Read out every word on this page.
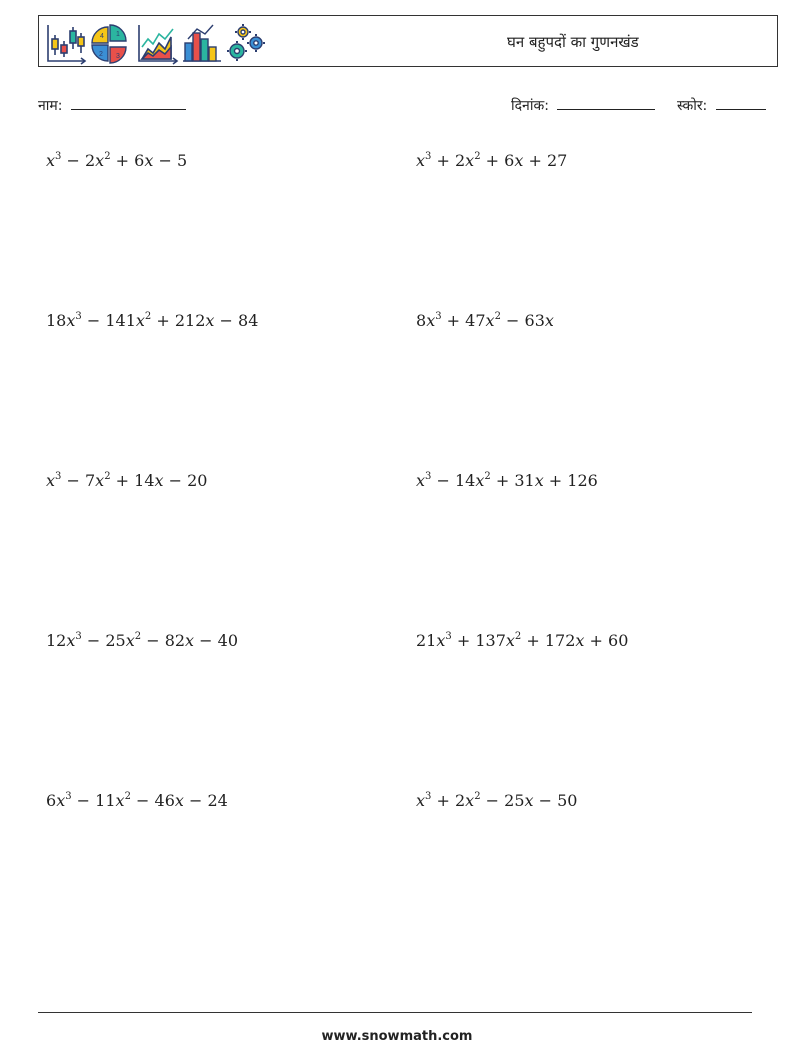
4 1
2 3
घन बहुपदों का गुणनखंड
नाम:	दिनांक:	स्कोर:
$x^3 - 2x^2 + 6x - 5$	$x^3 + 2x^2 + 6x + 27$
$18x^3 - 141x^2 + 212x - 84$	$8x^3 + 47x^2 - 63x$
$x^3 - 7x^2 + 14x - 20$	$x^3 - 14x^2 + 31x + 126$
$12x^3 - 25x^2 - 82x - 40$	$21x^3 + 137x^2 + 172x + 60$
$6x^3 - 11x^2 - 46x - 24$	$x^3 + 2x^2 - 25x - 50$
www.snowmath.com
